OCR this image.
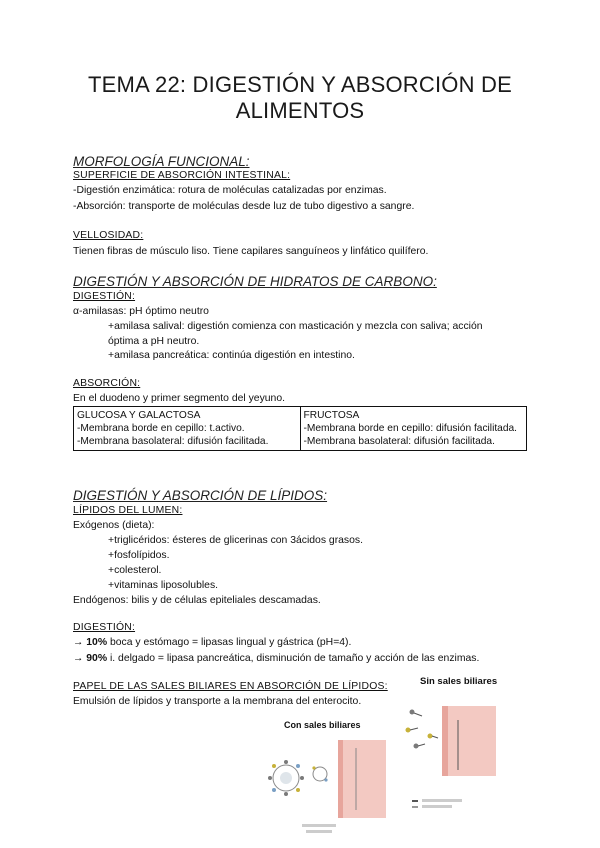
TEMA 22: DIGESTIÓN Y ABSORCIÓN DE
ALIMENTOS
MORFOLOGÍA FUNCIONAL:
SUPERFICIE DE ABSORCIÓN INTESTINAL:
-Digestión enzimática: rotura de moléculas catalizadas por enzimas.
-Absorción: transporte de moléculas desde luz de tubo digestivo a sangre.
VELLOSIDAD:
Tienen fibras de músculo liso. Tiene capilares sanguíneos y linfático quilífero.
DIGESTIÓN Y ABSORCIÓN DE HIDRATOS DE CARBONO:
DIGESTIÓN:
α-amilasas: pH óptimo neutro
+amilasa salival: digestión comienza con masticación y mezcla con saliva; acción
óptima a pH neutro.
+amilasa pancreática: continúa digestión en intestino.
ABSORCIÓN:
En el duodeno y primer segmento del yeyuno.
GLUCOSA Y GALACTOSA
-Membrana borde en cepillo: t.activo.
-Membrana basolateral: difusión facilitada.

FRUCTOSA
-Membrana borde en cepillo: difusión facilitada.
-Membrana basolateral: difusión facilitada.
DIGESTIÓN Y ABSORCIÓN DE LÍPIDOS:
LÍPIDOS DEL LUMEN:
Exógenos (dieta):
+triglicéridos: ésteres de glicerinas con 3ácidos grasos.
+fosfolípidos.
+colesterol.
+vitaminas liposolubles.
Endógenos: bilis y de células epiteliales descamadas.
DIGESTIÓN:
→ 10% boca y estómago = lipasas lingual y gástrica (pH=4).
→ 90% i. delgado = lipasa pancreática, disminución de tamaño y acción de las enzimas.
PAPEL DE LAS SALES BILIARES EN ABSORCIÓN DE LÍPIDOS:
Emulsión de lípidos y transporte a la membrana del enterocito.
Sin sales biliares
Con sales biliares
